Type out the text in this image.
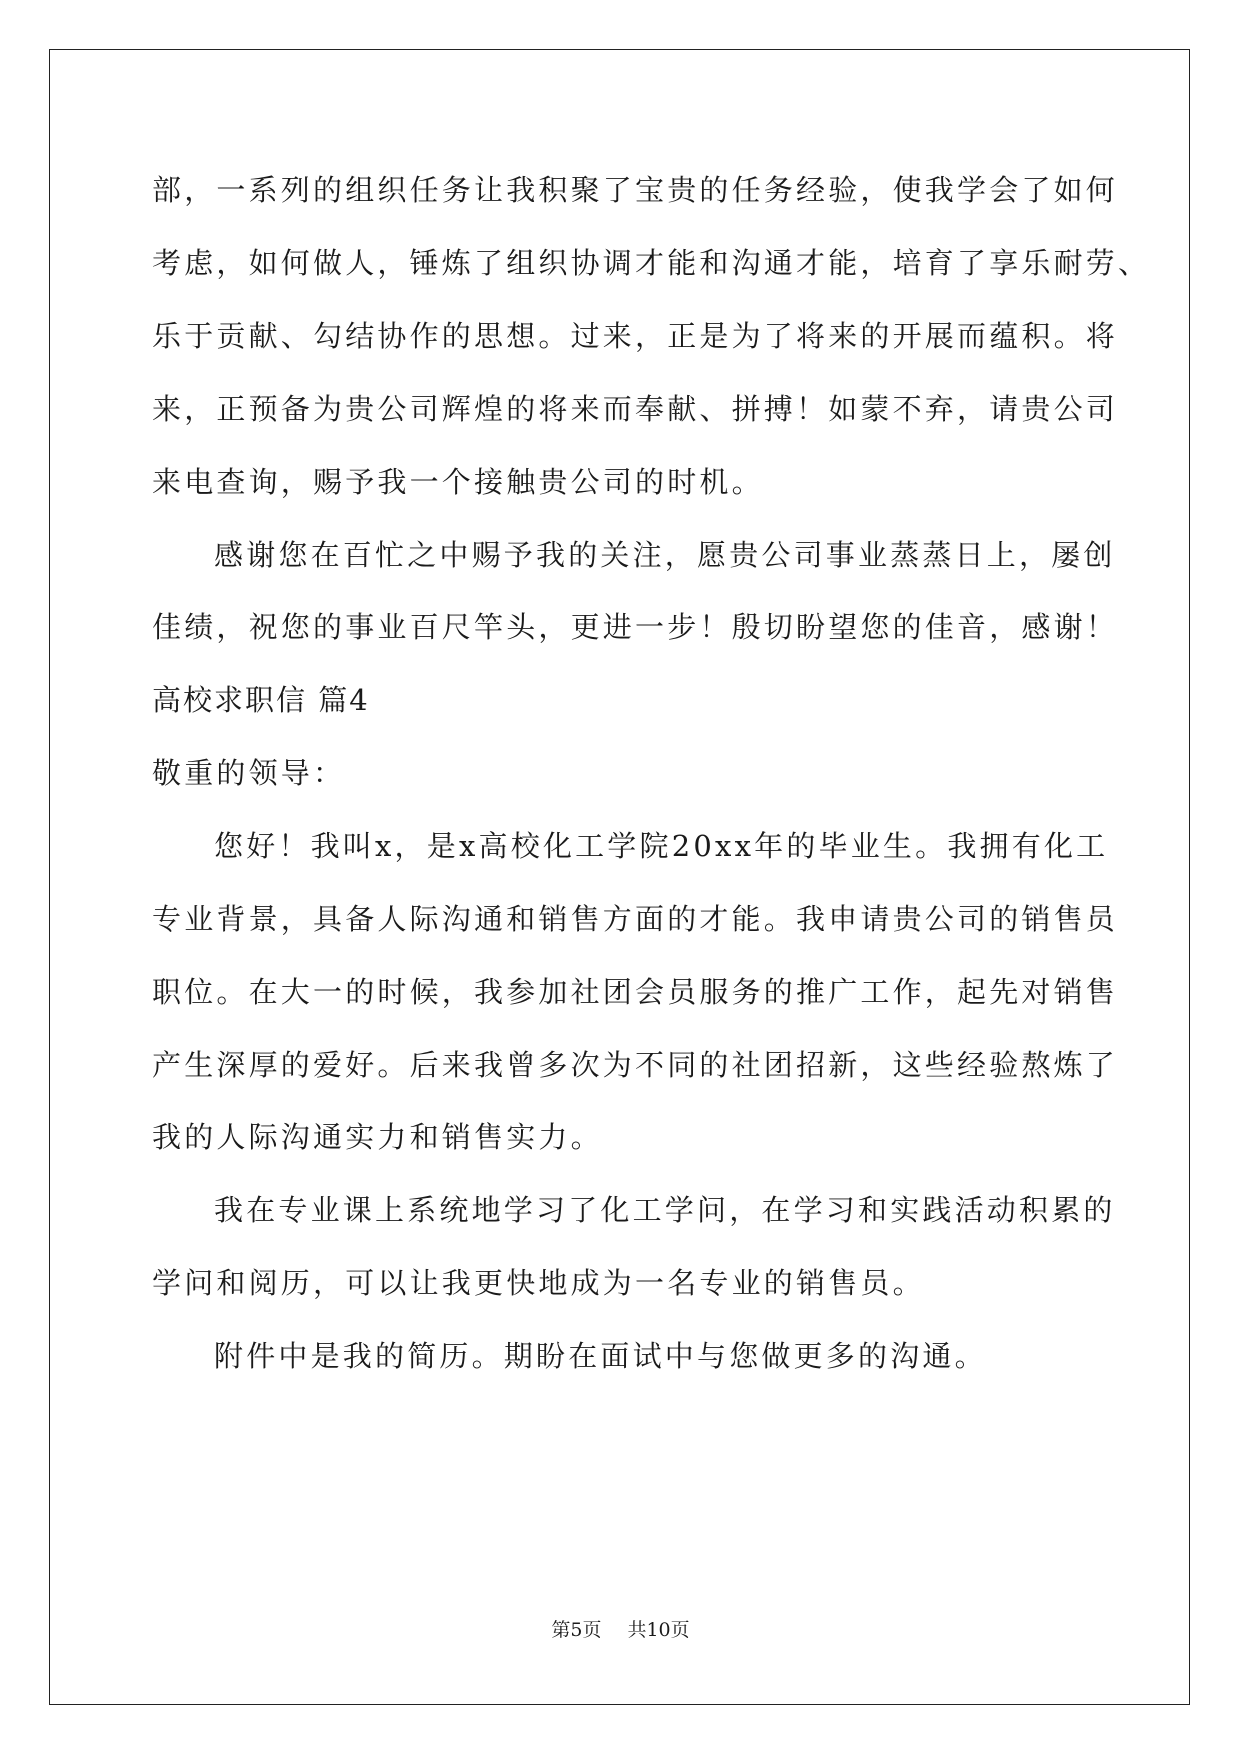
部，一系列的组织任务让我积聚了宝贵的任务经验，使我学会了如何
考虑，如何做人，锤炼了组织协调才能和沟通才能，培育了享乐耐劳、
乐于贡献、勾结协作的思想。过来，正是为了将来的开展而蕴积。将
来，正预备为贵公司辉煌的将来而奉献、拼搏！如蒙不弃，请贵公司
来电查询，赐予我一个接触贵公司的时机。
感谢您在百忙之中赐予我的关注，愿贵公司事业蒸蒸日上，屡创
佳绩，祝您的事业百尺竿头，更进一步！殷切盼望您的佳音，感谢！
高校求职信 篇4
敬重的领导：
您好！我叫x，是x高校化工学院20xx年的毕业生。我拥有化工
专业背景，具备人际沟通和销售方面的才能。我申请贵公司的销售员
职位。在大一的时候，我参加社团会员服务的推广工作，起先对销售
产生深厚的爱好。后来我曾多次为不同的社团招新，这些经验熬炼了
我的人际沟通实力和销售实力。
我在专业课上系统地学习了化工学问，在学习和实践活动积累的
学问和阅历，可以让我更快地成为一名专业的销售员。
附件中是我的简历。期盼在面试中与您做更多的沟通。
第5页 共10页
